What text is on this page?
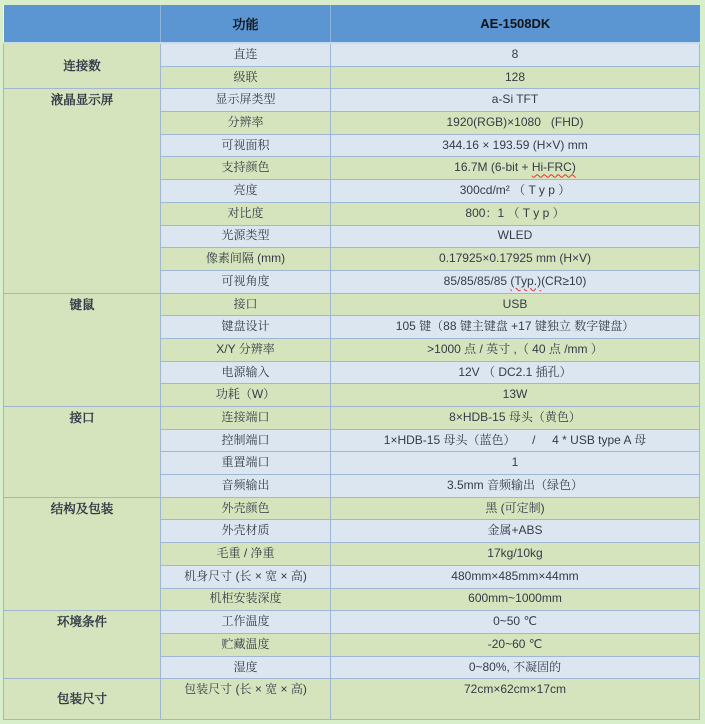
	功能	AE-1508DK
连接数	直连	8
	级联	128
液晶显示屏	显示屏类型	a-Si TFT
	分辨率	1920(RGB)×1080   (FHD)
	可视面积	344.16 × 193.59 (H×V) mm
	支持颜色	16.7M (6-bit + Hi-FRC)
	亮度	300cd/m² （ T y p ）
	对比度	800：1 （ T y p ）
	光源类型	WLED
	像素间隔 (mm)	0.17925×0.17925 mm (H×V)
	可视角度	85/85/85/85 (Typ.)(CR≥10)
键鼠	接口	USB
	键盘设计	105 键（88 键主键盘 +17 键独立 数字键盘）
	X/Y 分辨率	>1000 点 / 英寸 ,（ 40 点 /mm ）
	电源输入	12V （ DC2.1 插孔）
	功耗（W）	13W
接口	连接端口	8×HDB-15 母头（黄色）
	控制端口	1×HDB-15 母头（蓝色）     /     4 * USB type A 母
	重置端口	1
	音频输出	3.5mm 音频输出（绿色）
结构及包装	外壳颜色	黑 (可定制)
	外壳材质	金属+ABS
	毛重 / 净重	17kg/10kg
	机身尺寸 (长 × 宽 × 高)	480mm×485mm×44mm
	机柜安装深度	600mm~1000mm
环境条件	工作温度	0~50 ℃
	贮藏温度	-20~60 ℃
	湿度	0~80%, 不凝固的
包装尺寸	包装尺寸 (长 × 宽 × 高)	72cm×62cm×17cm
